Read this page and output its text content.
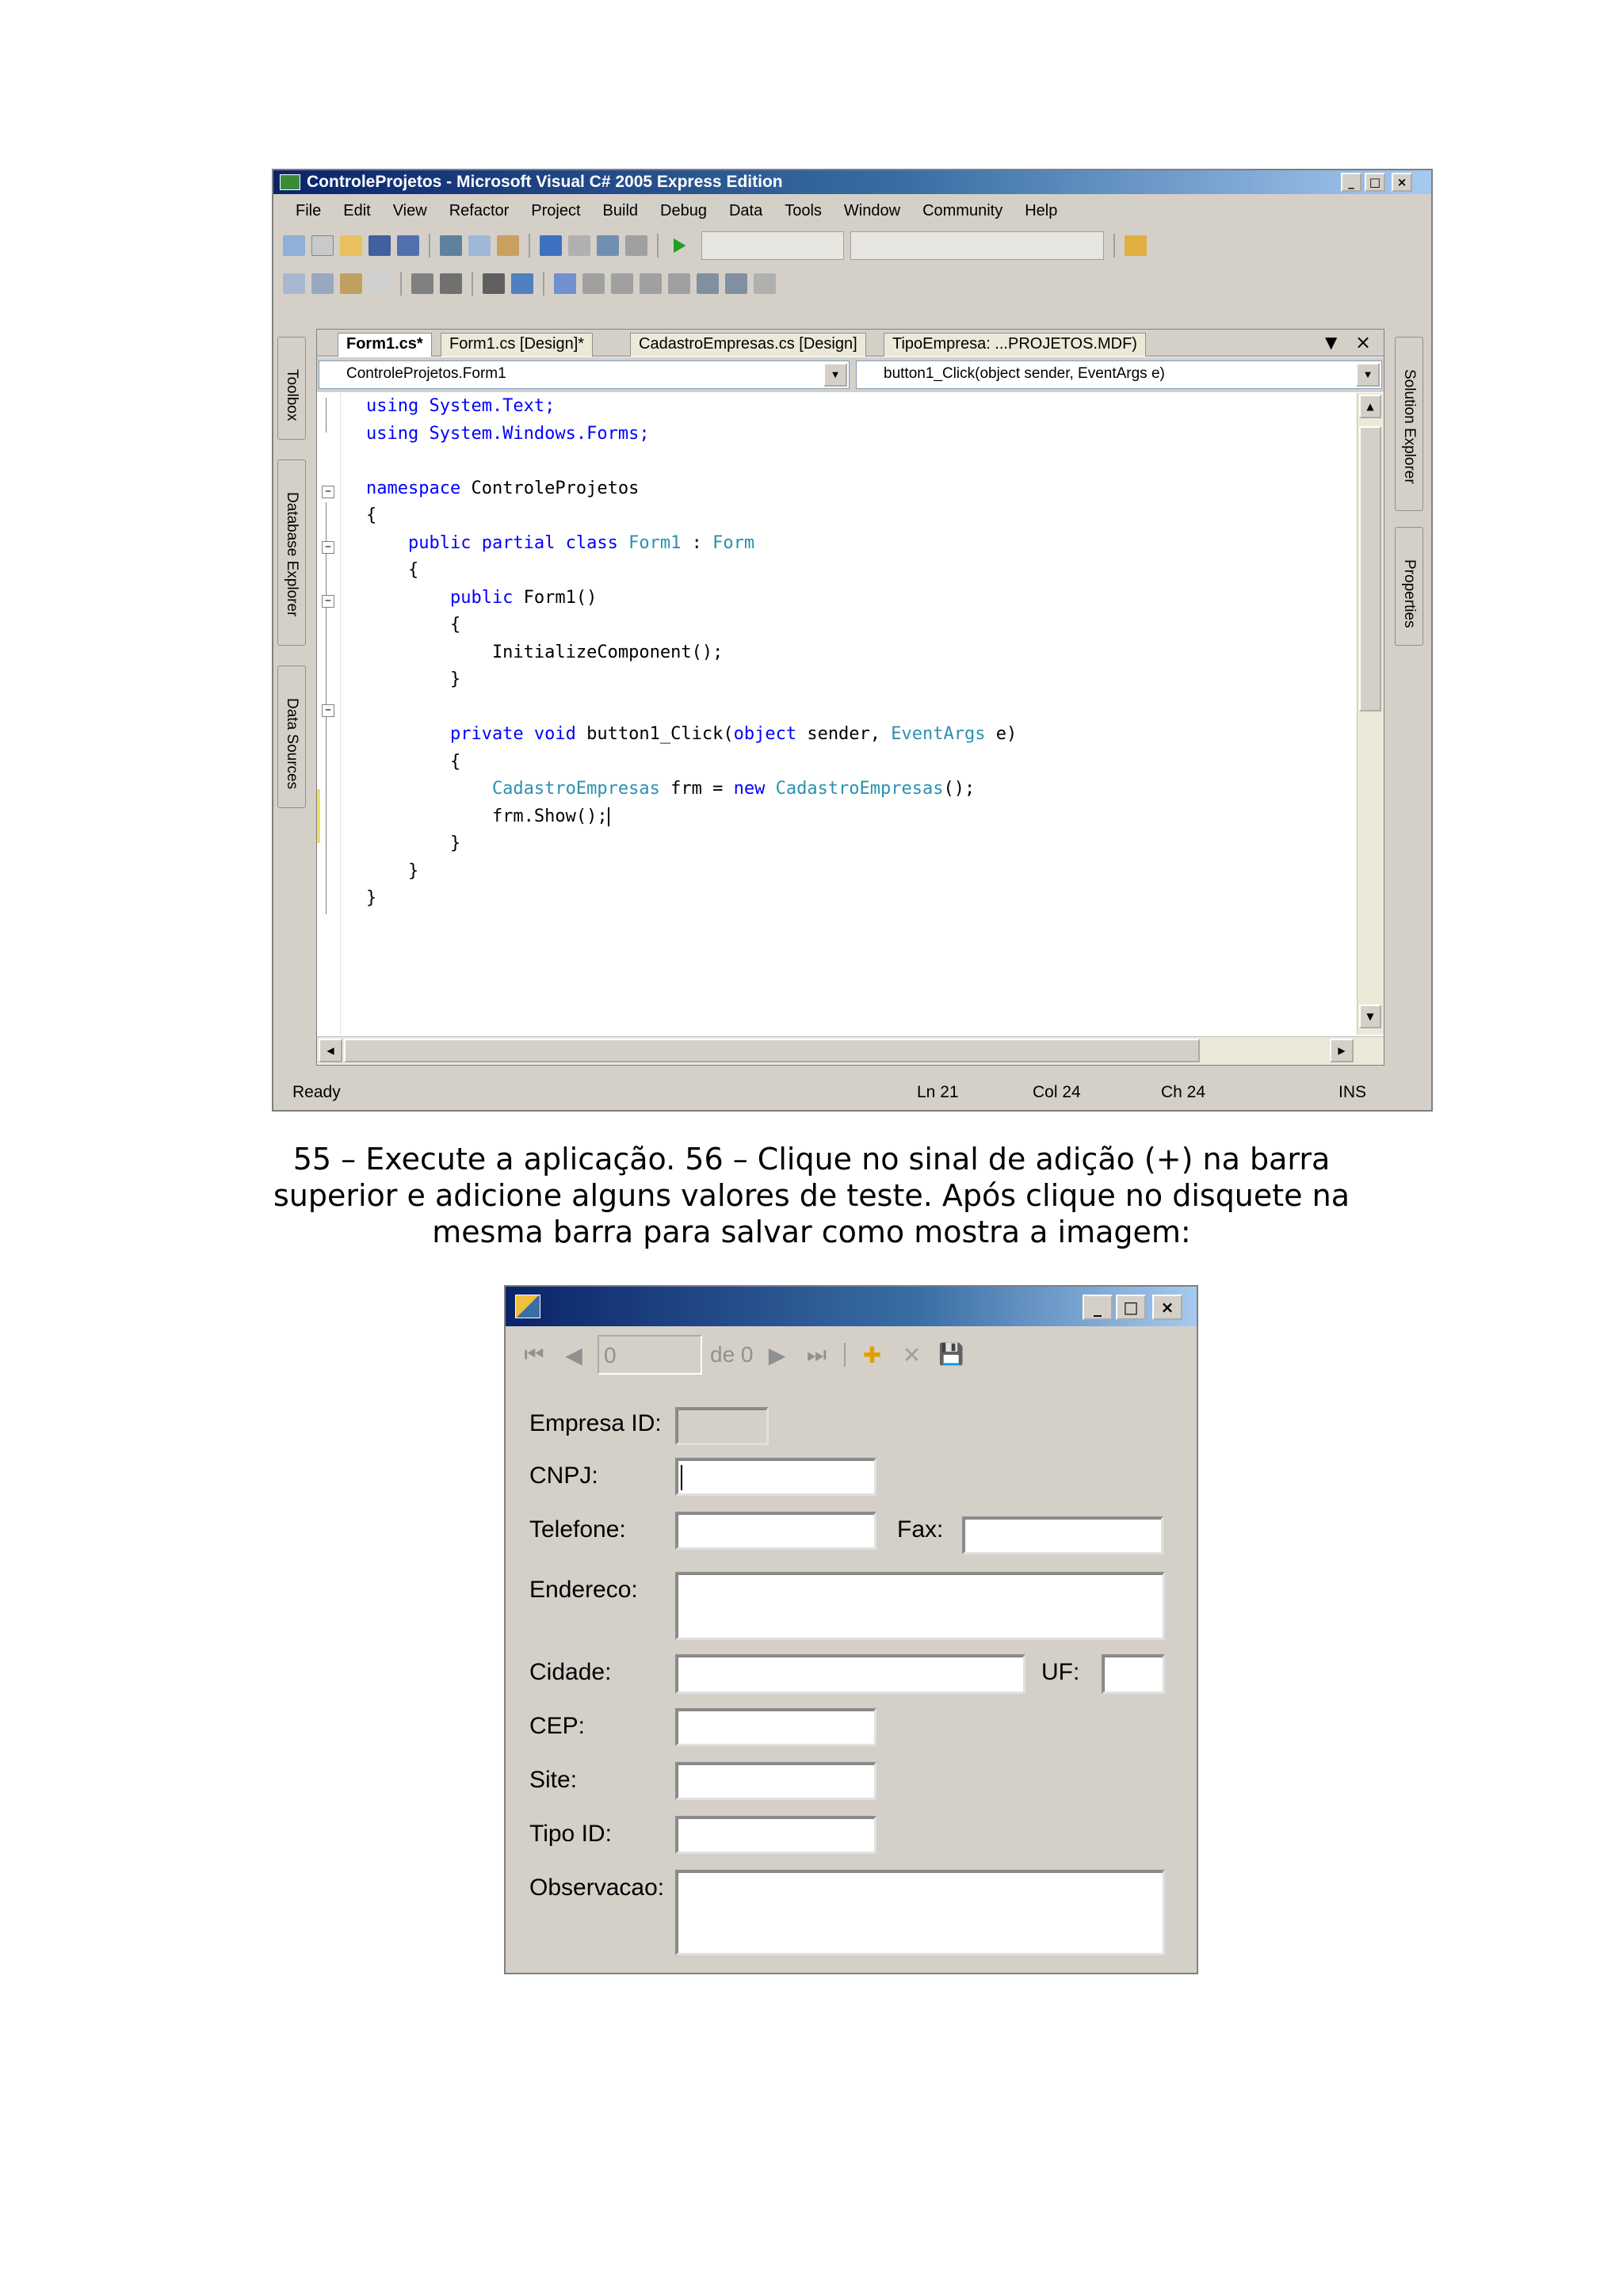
ControleProjetos - Microsoft Visual C# 2005 Express Edition	_	□	×
File Edit View Refactor Project Build Debug Data Tools Window Community Help
Toolbox
Database Explorer
Data Sources
Solution Explorer
Properties
Form1.cs*	Form1.cs [Design]*	CadastroEmpresas.cs [Design]	TipoEmpresa: ...PROJETOS.MDF)	▼ ×
ControleProjetos.Form1	▼	button1_Click(object sender, EventArgs e)	▼
−
−
−
−
using System.Text;
using System.Windows.Forms;
namespace ControleProjetos
{
public partial class Form1 : Form
{
public Form1()
{
InitializeComponent();
}
private void button1_Click(object sender, EventArgs e)
{
CadastroEmpresas frm = new CadastroEmpresas();
frm.Show();
}
}
}
▲
▼
◀	▶
Ready	Ln 21	Col 24	Ch 24	INS
55 – Execute a aplicação. 56 – Clique no sinal de adição (+) na barra superior e adicione alguns valores de teste. Após clique no disquete na mesma barra para salvar como mostra a imagem:
_	□	×
⏮ ◀ 0	de 0 ▶ ⏭ ✚ ✕ 💾
Empresa ID:
CNPJ:
Telefone:	Fax:
Endereco:
Cidade:	UF:
CEP:
Site:
Tipo ID:
Observacao:
